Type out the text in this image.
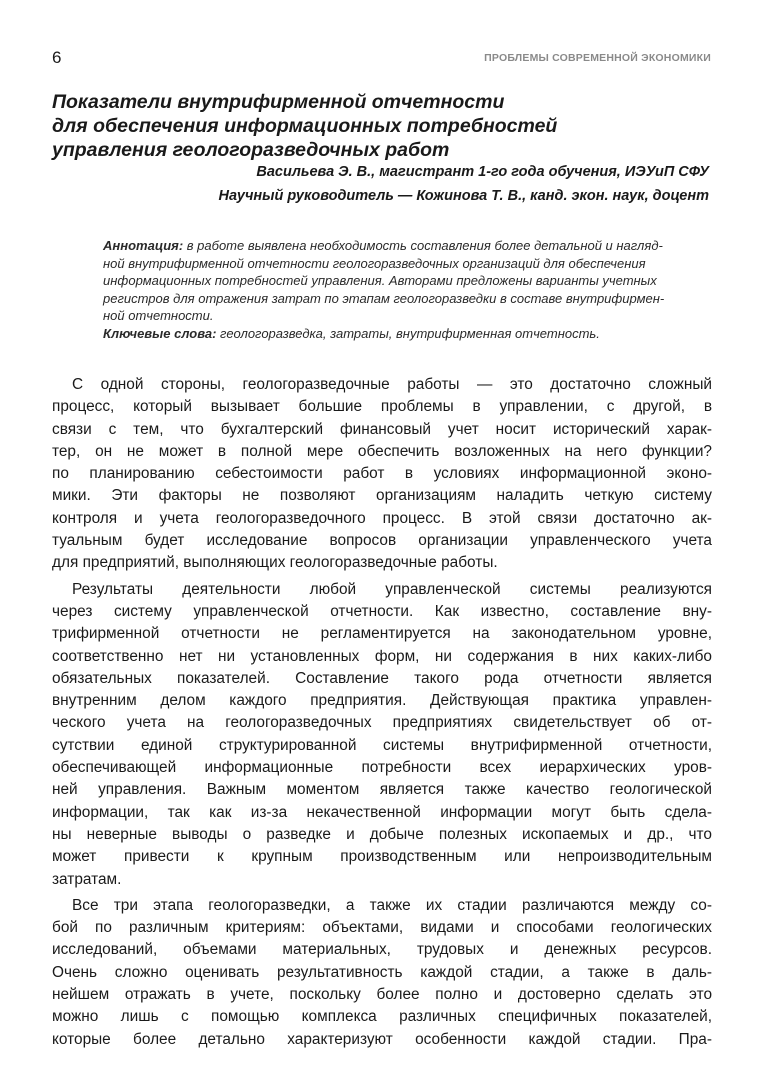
6	ПРОБЛЕМЫ СОВРЕМЕННОЙ ЭКОНОМИКИ
Показатели внутрифирменной отчетности
для обеспечения информационных потребностей
управления геологоразведочных работ
Васильева Э. В., магистрант 1-го года обучения, ИЭУиП СФУ
Научный руководитель — Кожинова Т. В., канд. экон. наук, доцент
Аннотация: в работе выявлена необходимость составления более детальной и нагляд-
ной внутрифирменной отчетности геологоразведочных организаций для обеспечения
информационных потребностей управления. Авторами предложены варианты учетных
регистров для отражения затрат по этапам геологоразведки в составе внутрифирмен-
ной отчетности.
Ключевые слова: геологоразведка, затраты, внутрифирменная отчетность.
С одной стороны, геологоразведочные работы — это достаточно сложный
процесс, который вызывает большие проблемы в управлении, с другой, в
связи с тем, что бухгалтерский финансовый учет носит исторический харак-
тер, он не может в полной мере обеспечить возложенных на него функции?
по планированию себестоимости работ в условиях информационной эконо-
мики. Эти факторы не позволяют организациям наладить четкую систему
контроля и учета геологоразведочного процесс. В этой связи достаточно ак-
туальным будет исследование вопросов организации управленческого учета
для предприятий, выполняющих геологоразведочные работы.
Результаты деятельности любой управленческой системы реализуются
через систему управленческой отчетности. Как известно, составление вну-
трифирменной отчетности не регламентируется на законодательном уровне,
соответственно нет ни установленных форм, ни содержания в них каких-либо
обязательных показателей. Составление такого рода отчетности является
внутренним делом каждого предприятия. Действующая практика управлен-
ческого учета на геологоразведочных предприятиях свидетельствует об от-
сутствии единой структурированной системы внутрифирменной отчетности,
обеспечивающей информационные потребности всех иерархических уров-
ней управления. Важным моментом является также качество геологической
информации, так как из-за некачественной информации могут быть сдела-
ны неверные выводы о разведке и добыче полезных ископаемых и др., что
может привести к крупным производственным или непроизводительным
затратам.
Все три этапа геологоразведки, а также их стадии различаются между со-
бой по различным критериям: объектами, видами и способами геологических
исследований, объемами материальных, трудовых и денежных ресурсов.
Очень сложно оценивать результативность каждой стадии, а также в даль-
нейшем отражать в учете, поскольку более полно и достоверно сделать это
можно лишь с помощью комплекса различных специфичных показателей,
которые более детально характеризуют особенности каждой стадии. Пра-
